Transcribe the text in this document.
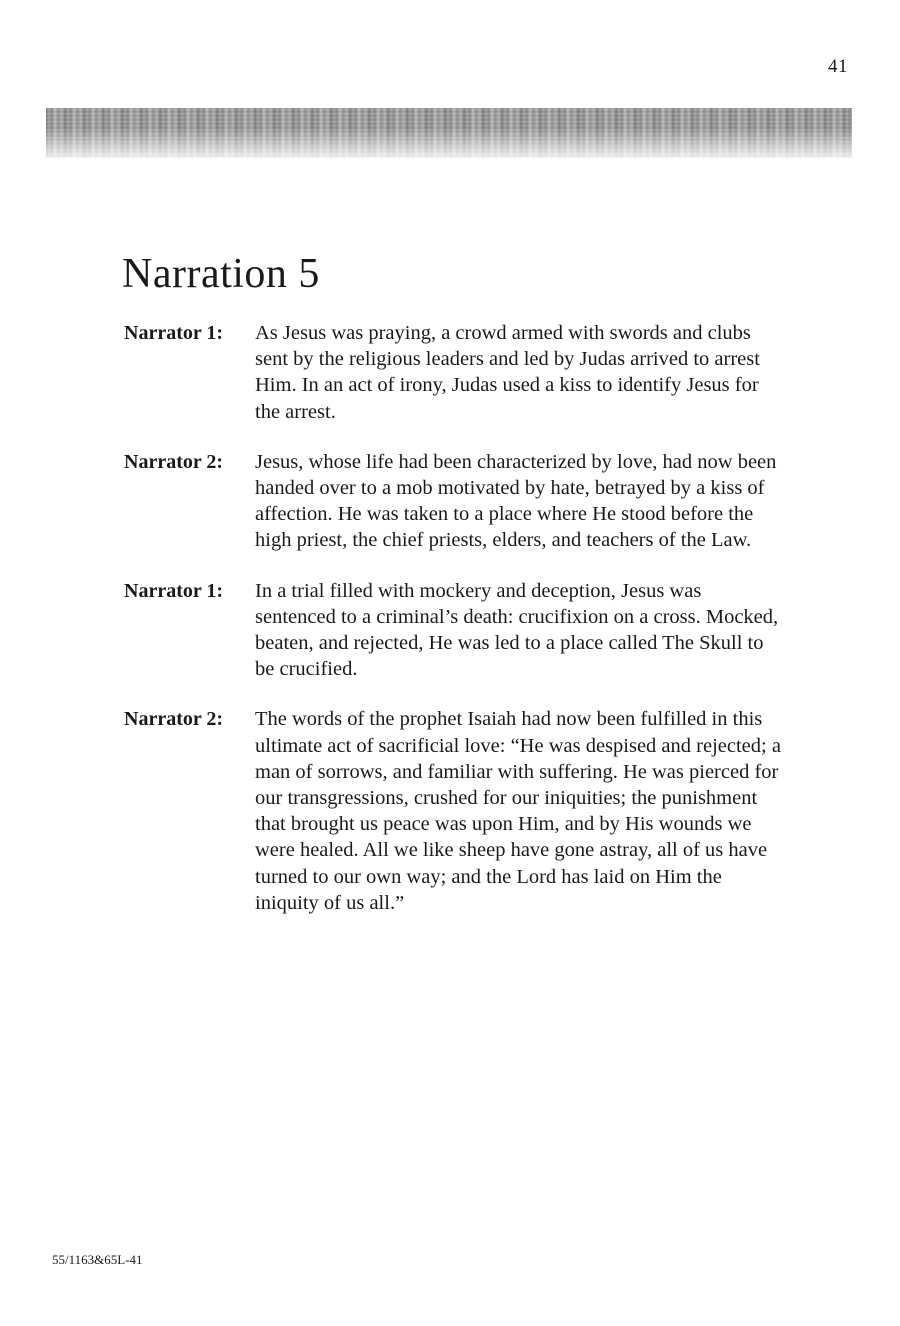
41
Narration 5
Narrator 1:	As Jesus was praying, a crowd armed with swords and clubs sent by the religious leaders and led by Judas arrived to arrest Him. In an act of irony, Judas used a kiss to identify Jesus for the arrest.
Narrator 2:	Jesus, whose life had been characterized by love, had now been handed over to a mob motivated by hate, betrayed by a kiss of affection. He was taken to a place where He stood before the high priest, the chief priests, elders, and teachers of the Law.
Narrator 1:	In a trial filled with mockery and deception, Jesus was sentenced to a criminal’s death: crucifixion on a cross. Mocked, beaten, and rejected, He was led to a place called The Skull to be crucified.
Narrator 2:	The words of the prophet Isaiah had now been fulfilled in this ultimate act of sacrificial love: “He was despised and rejected; a man of sorrows, and familiar with suffering. He was pierced for our transgressions, crushed for our iniquities; the punishment that brought us peace was upon Him, and by His wounds we were healed. All we like sheep have gone astray, all of us have turned to our own way; and the Lord has laid on Him the iniquity of us all.”
55/1163&65L-41
